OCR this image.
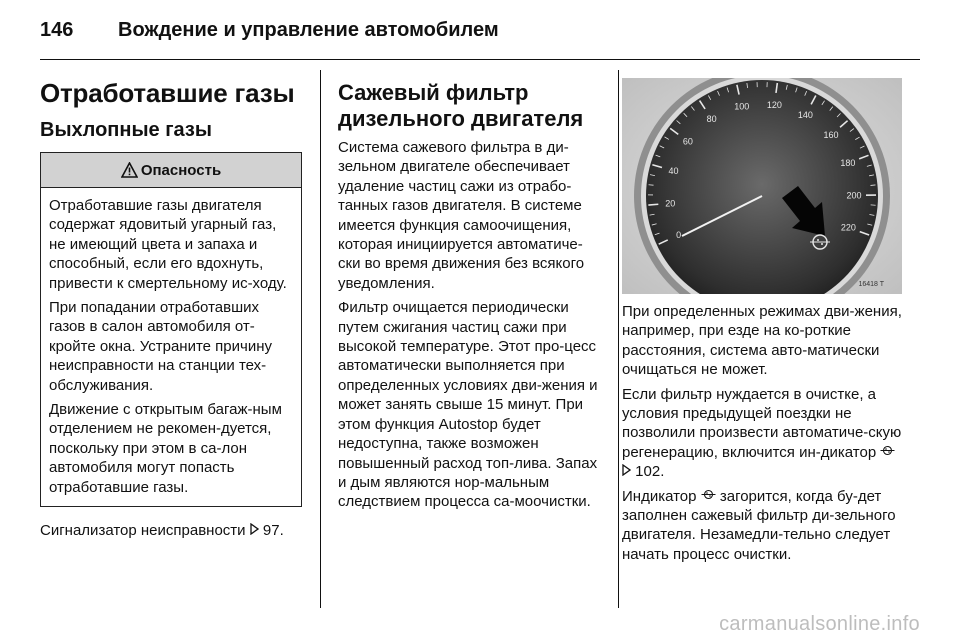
146	Вождение и управление автомобилем
Отработавшие газы
Выхлопные газы
Опасность

Отработавшие газы двигателя содержат ядовитый угарный газ, не имеющий цвета и запаха и способный, если его вдохнуть, привести к смертельному ис-ходу.

При попадании отработавших газов в салон автомобиля от-кройте окна. Устраните причину неисправности на станции тех-обслуживания.

Движение с открытым багаж-ным отделением не рекомен-дуется, поскольку при этом в са-лон автомобиля могут попасть отработавшие газы.

Сигнализатор неисправности 97.

Сажевый фильтр
дизельного двигателя

Система сажевого фильтра в ди-зельном двигателе обеспечивает удаление частиц сажи из отрабо-танных газов двигателя. В системе имеется функция самоочищения, которая инициируется автоматиче-ски во время движения без всякого уведомления.

Фильтр очищается периодически путем сжигания частиц сажи при высокой температуре. Этот про-цесс автоматически выполняется при определенных условиях дви-жения и может занять свыше 15 минут. При этом функция Autostop будет недоступна, также возможен повышенный расход топ-лива. Запах и дым являются нор-мальным следствием процесса са-моочистки.

0
20
40
60
80
100 120
140
160
180
200
220
16418 T

При определенных режимах дви-жения, например, при езде на ко-роткие расстояния, система авто-матически очищаться не может.

Если фильтр нуждается в очистке, а условия предыдущей поездки не позволили произвести автоматиче-скую регенерацию, включится ин-дикатор   102.

Индикатор загорится, когда бу-дет заполнен сажевый фильтр ди-зельного двигателя. Незамедли-тельно следует начать процесс очистки.

carmanualsonline.info
